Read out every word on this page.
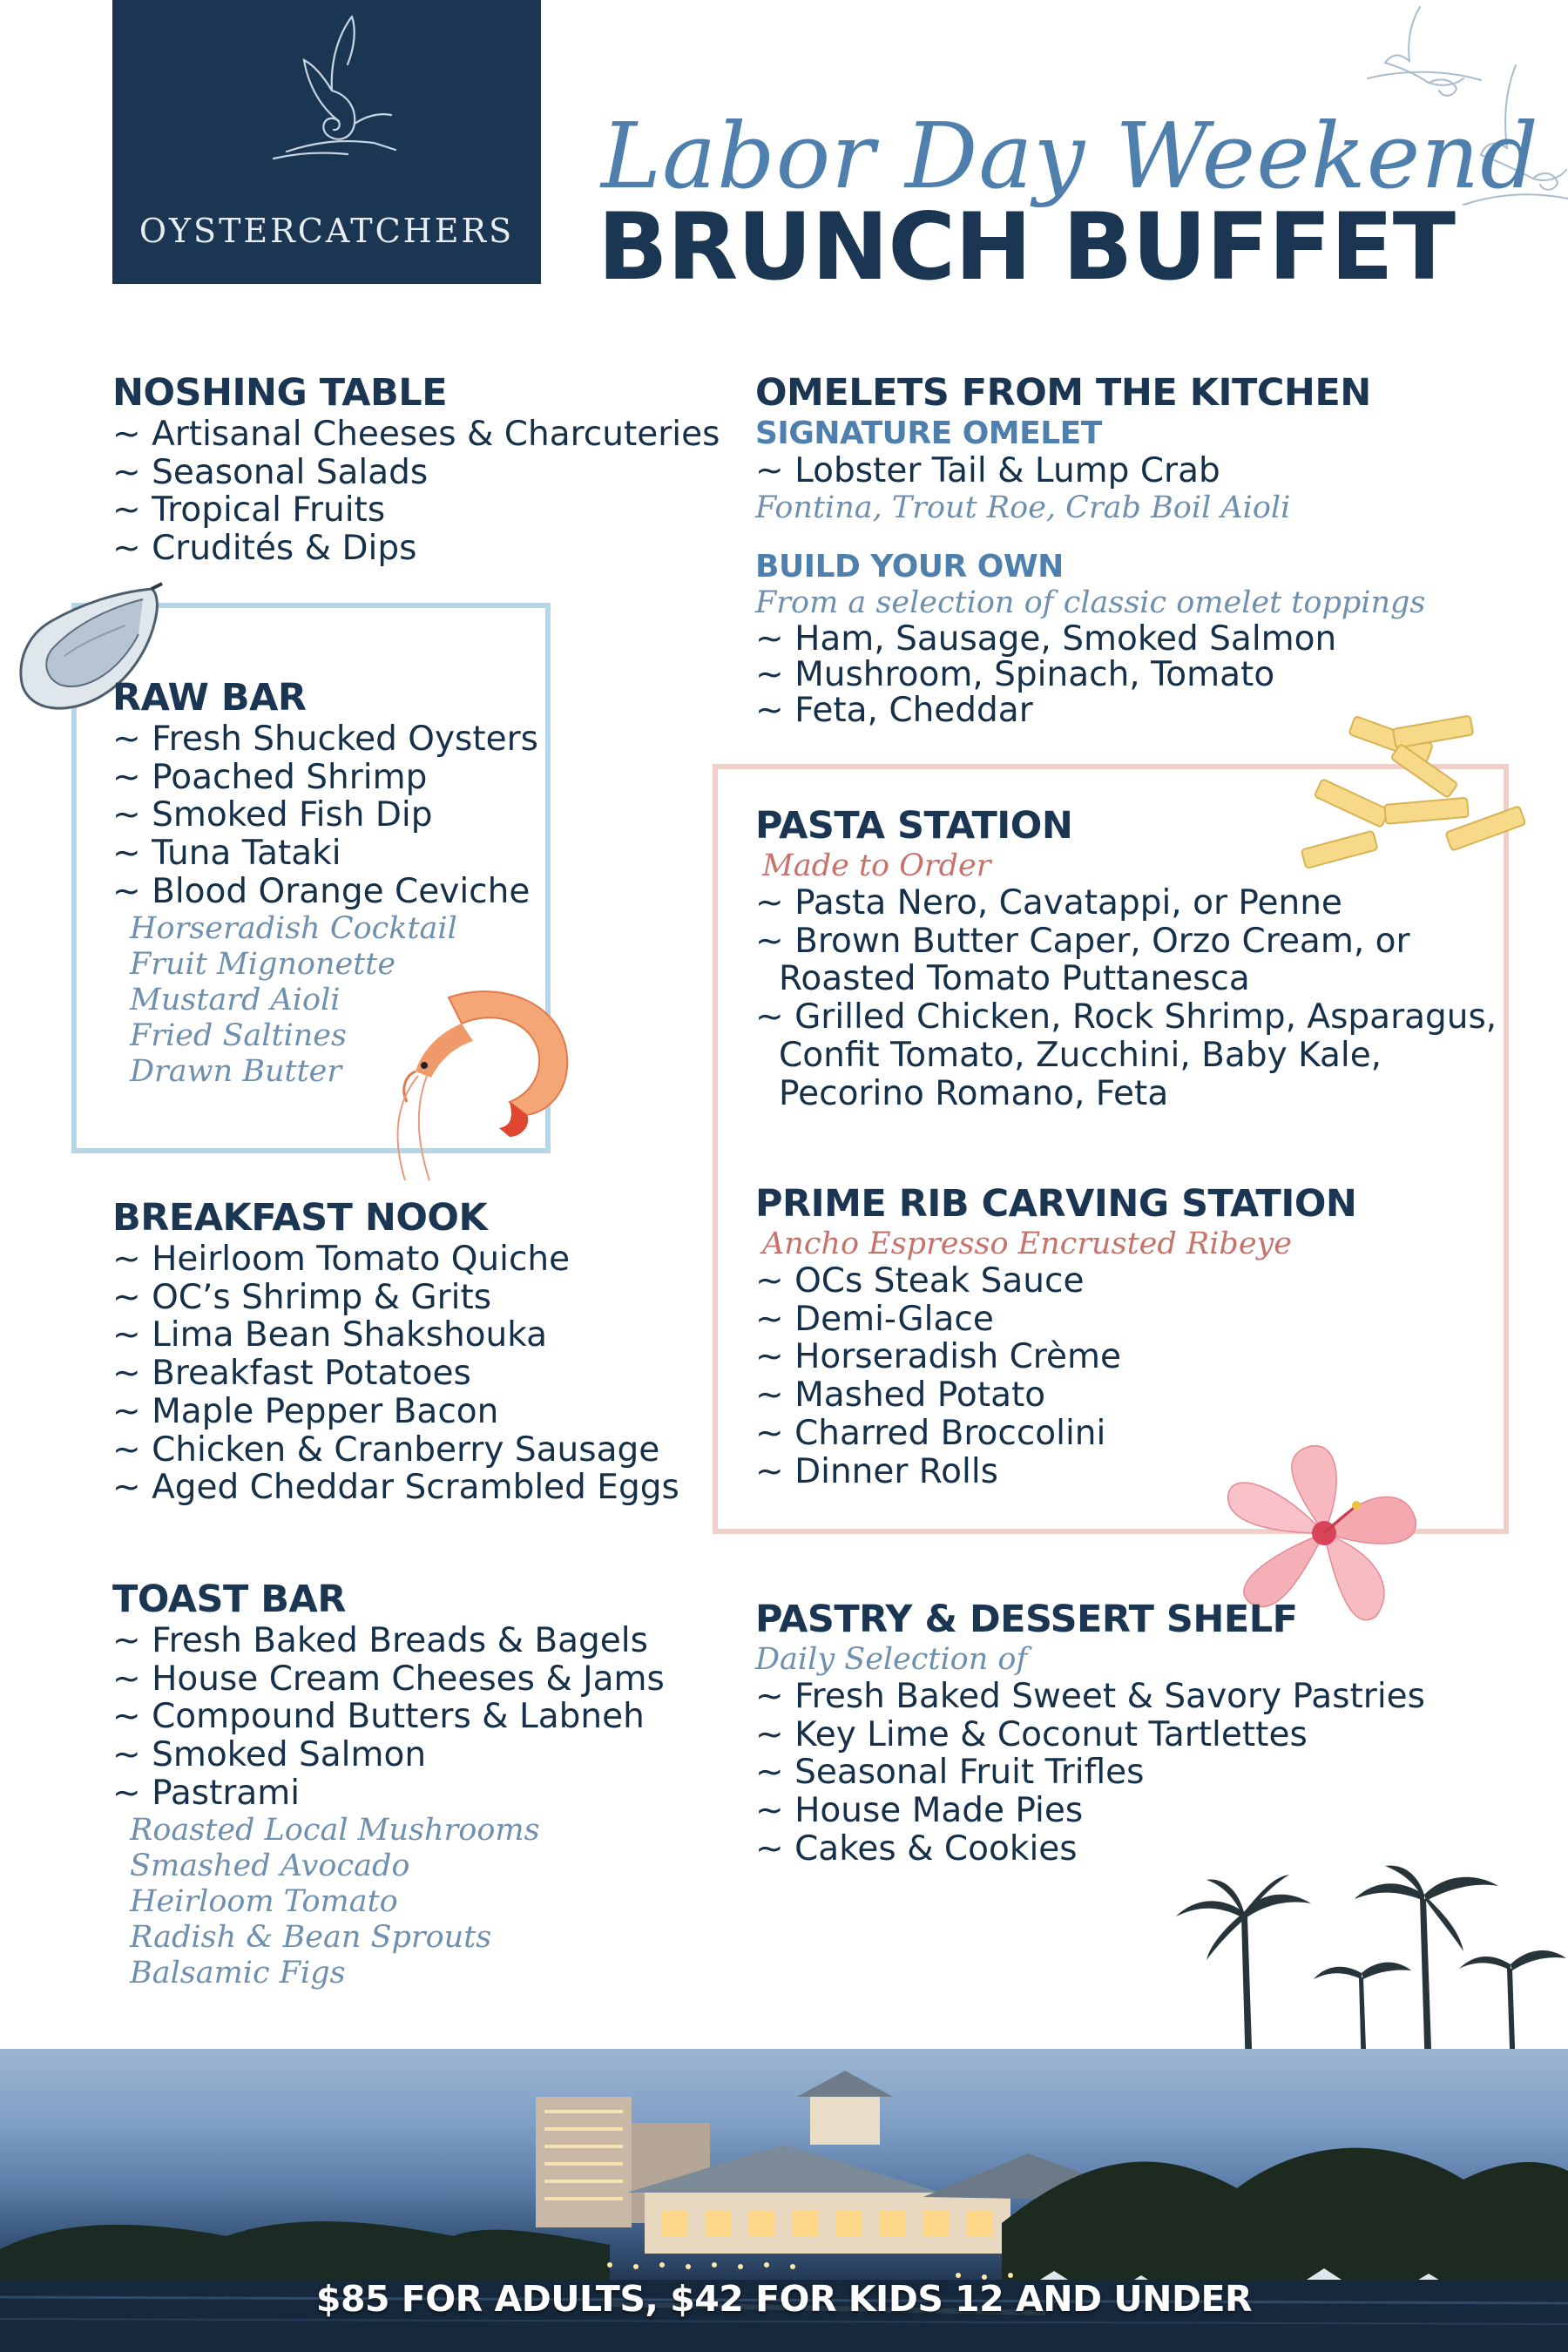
OYSTERCATCHERS
Labor Day Weekend
BRUNCH BUFFET
NOSHING TABLE
~ Artisanal Cheeses & Charcuteries
~ Seasonal Salads
~ Tropical Fruits
~ Crudités & Dips
RAW BAR
~ Fresh Shucked Oysters
~ Poached Shrimp
~ Smoked Fish Dip
~ Tuna Tataki
~ Blood Orange Ceviche
Horseradish Cocktail
Fruit Mignonette
Mustard Aioli
Fried Saltines
Drawn Butter
BREAKFAST NOOK
~ Heirloom Tomato Quiche
~ OC’s Shrimp & Grits
~ Lima Bean Shakshouka
~ Breakfast Potatoes
~ Maple Pepper Bacon
~ Chicken & Cranberry Sausage
~ Aged Cheddar Scrambled Eggs
TOAST BAR
~ Fresh Baked Breads & Bagels
~ House Cream Cheeses & Jams
~ Compound Butters & Labneh
~ Smoked Salmon
~ Pastrami
Roasted Local Mushrooms
Smashed Avocado
Heirloom Tomato
Radish & Bean Sprouts
Balsamic Figs
OMELETS FROM THE KITCHEN
SIGNATURE OMELET
~ Lobster Tail & Lump Crab
Fontina, Trout Roe, Crab Boil Aioli
BUILD YOUR OWN
From a selection of classic omelet toppings
~ Ham, Sausage, Smoked Salmon
~ Mushroom, Spinach, Tomato
~ Feta, Cheddar
PASTA STATION
Made to Order
~ Pasta Nero, Cavatappi, or Penne
~ Brown Butter Caper, Orzo Cream, or
Roasted Tomato Puttanesca
~ Grilled Chicken, Rock Shrimp, Asparagus,
Confit Tomato, Zucchini, Baby Kale,
Pecorino Romano, Feta
PRIME RIB CARVING STATION
Ancho Espresso Encrusted Ribeye
~ OCs Steak Sauce
~ Demi-Glace
~ Horseradish Crème
~ Mashed Potato
~ Charred Broccolini
~ Dinner Rolls
PASTRY & DESSERT SHELF
Daily Selection of
~ Fresh Baked Sweet & Savory Pastries
~ Key Lime & Coconut Tartlettes
~ Seasonal Fruit Trifles
~ House Made Pies
~ Cakes & Cookies
$85 FOR ADULTS, $42 FOR KIDS 12 AND UNDER
